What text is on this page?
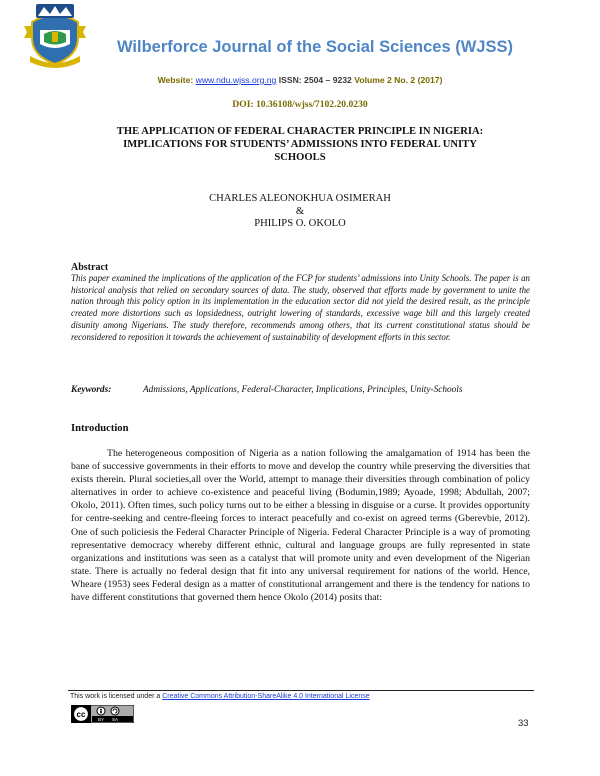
Wilberforce Journal of the Social Sciences (WJSS)
Website: www.ndu.wjss.org.ng ISSN: 2504 – 9232 Volume 2 No. 2 (2017)
DOI: 10.36108/wjss/7102.20.0230
THE APPLICATION OF FEDERAL CHARACTER PRINCIPLE IN NIGERIA:
IMPLICATIONS FOR STUDENTS’ ADMISSIONS INTO FEDERAL UNITY
SCHOOLS
CHARLES ALEONOKHUA OSIMERAH
&
PHILIPS O. OKOLO
Abstract
This paper examined the implications of the application of the FCP for students’ admissions into Unity Schools. The paper is an historical analysis that relied on secondary sources of data. The study, observed that efforts made by government to unite the nation through this policy option in its implementation in the education sector did not yield the desired result, as the principle created more distortions such as lopsidedness, outright lowering of standards, excessive wage bill and this largely created disunity among Nigerians. The study therefore, recommends among others, that its current constitutional status should be reconsidered to reposition it towards the achievement of sustainability of development efforts in this sector.
Keywords:	Admissions, Applications, Federal-Character, Implications, Principles, Unity-Schools
Introduction
The heterogeneous composition of Nigeria as a nation following the amalgamation of 1914 has been the bane of successive governments in their efforts to move and develop the country while preserving the diversities that exists therein. Plural societies,all over the World, attempt to manage their diversities through combination of policy alternatives in order to achieve co-existence and peaceful living (Bodumin,1989; Ayoade, 1998; Abdullah, 2007; Okolo, 2011). Often times, such policy turns out to be either a blessing in disguise or a curse. It provides opportunity for centre-seeking and centre-fleeing forces to interact peacefully and co-exist on agreed terms (Gberevbie, 2012). One of such policiesis the Federal Character Principle of Nigeria. Federal Character Principle is a way of promoting representative democracy whereby different ethnic, cultural and language groups are fully represented in state organizations and institutions was seen as a catalyst that will promote unity and even development of the Nigerian state. There is actually no federal design that fit into any universal requirement for nations of the world. Hence, Wheare (1953) sees Federal design as a matter of constitutional arrangement and there is the tendency for nations to have different constitutions that governed them hence Okolo (2014) posits that:
This work is licensed under a Creative Commons Attribution-ShareAlike 4.0 International License
cc
BY SA	33
